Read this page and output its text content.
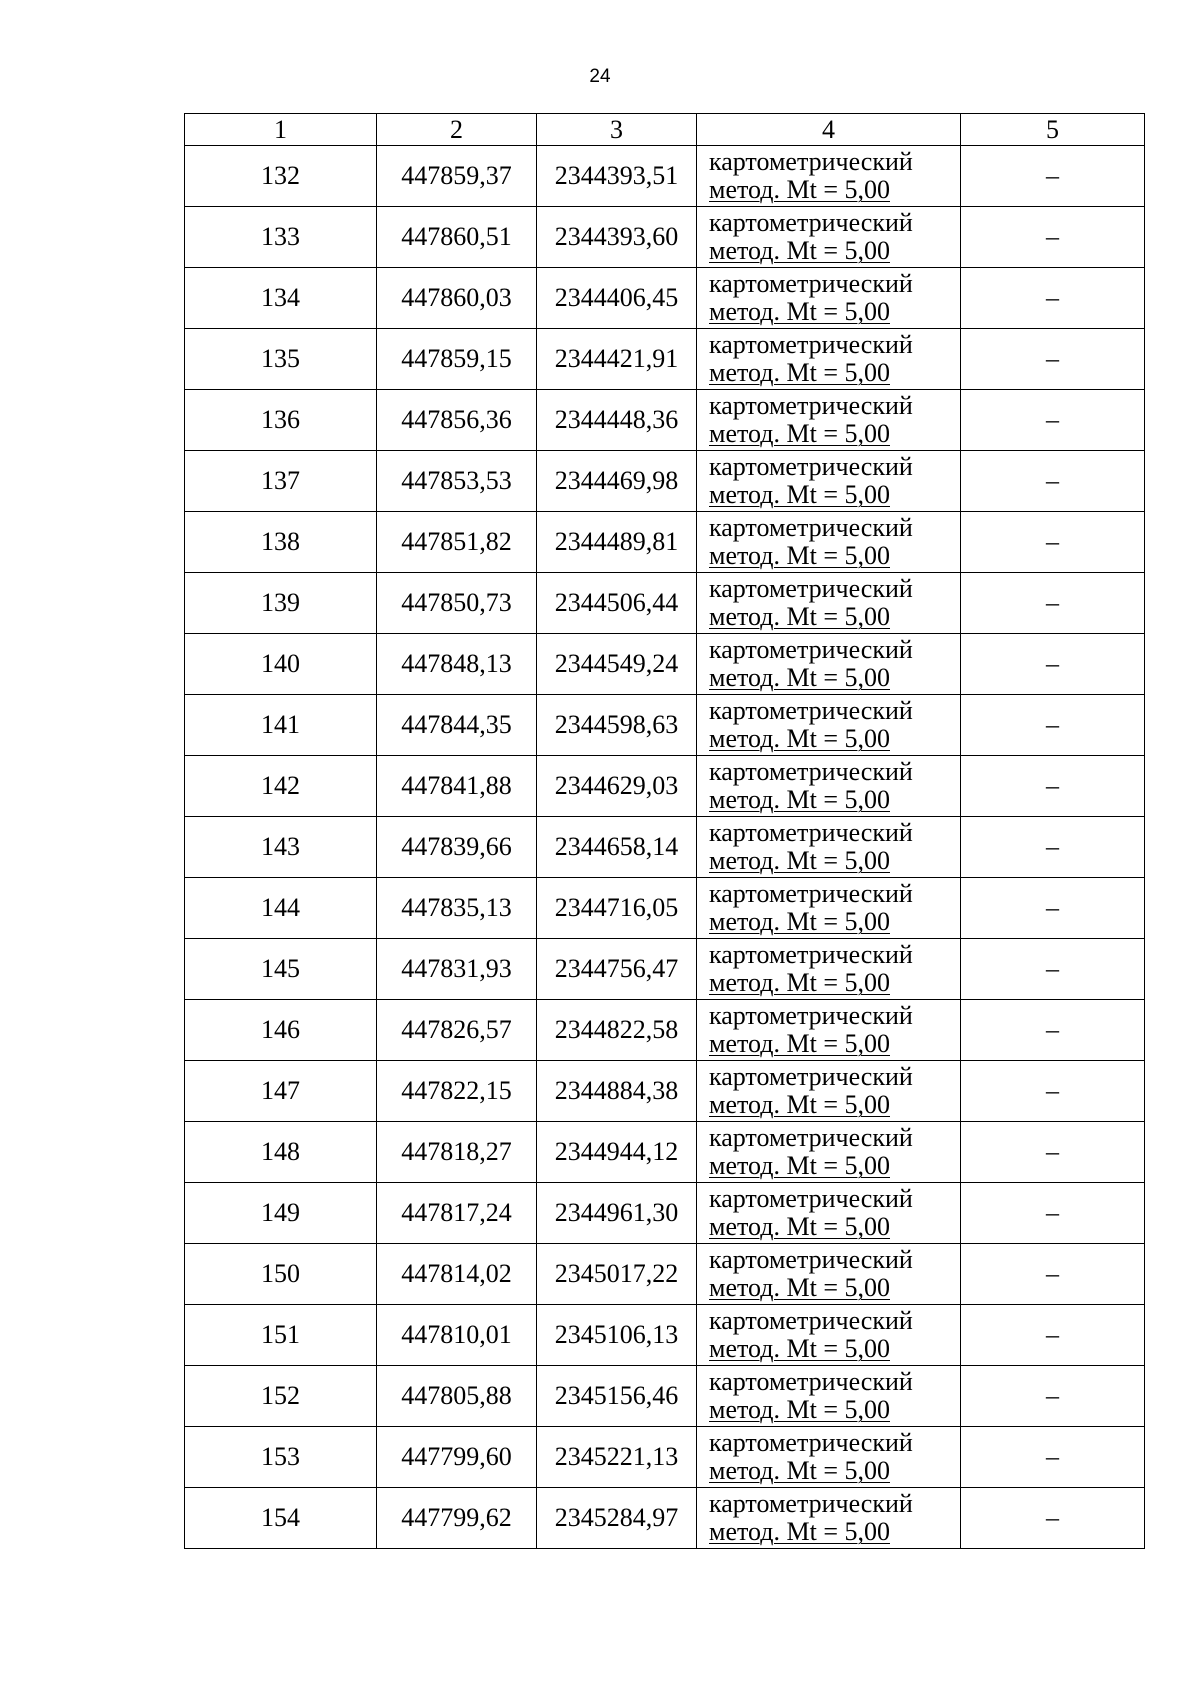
24
1	2	3	4	5
132	447859,37	2344393,51	картометрический
метод. Mt = 5,00	–
133	447860,51	2344393,60	картометрический
метод. Mt = 5,00	–
134	447860,03	2344406,45	картометрический
метод. Mt = 5,00	–
135	447859,15	2344421,91	картометрический
метод. Mt = 5,00	–
136	447856,36	2344448,36	картометрический
метод. Mt = 5,00	–
137	447853,53	2344469,98	картометрический
метод. Mt = 5,00	–
138	447851,82	2344489,81	картометрический
метод. Mt = 5,00	–
139	447850,73	2344506,44	картометрический
метод. Mt = 5,00	–
140	447848,13	2344549,24	картометрический
метод. Mt = 5,00	–
141	447844,35	2344598,63	картометрический
метод. Mt = 5,00	–
142	447841,88	2344629,03	картометрический
метод. Mt = 5,00	–
143	447839,66	2344658,14	картометрический
метод. Mt = 5,00	–
144	447835,13	2344716,05	картометрический
метод. Mt = 5,00	–
145	447831,93	2344756,47	картометрический
метод. Mt = 5,00	–
146	447826,57	2344822,58	картометрический
метод. Mt = 5,00	–
147	447822,15	2344884,38	картометрический
метод. Mt = 5,00	–
148	447818,27	2344944,12	картометрический
метод. Mt = 5,00	–
149	447817,24	2344961,30	картометрический
метод. Mt = 5,00	–
150	447814,02	2345017,22	картометрический
метод. Mt = 5,00	–
151	447810,01	2345106,13	картометрический
метод. Mt = 5,00	–
152	447805,88	2345156,46	картометрический
метод. Mt = 5,00	–
153	447799,60	2345221,13	картометрический
метод. Mt = 5,00	–
154	447799,62	2345284,97	картометрический
метод. Mt = 5,00	–
